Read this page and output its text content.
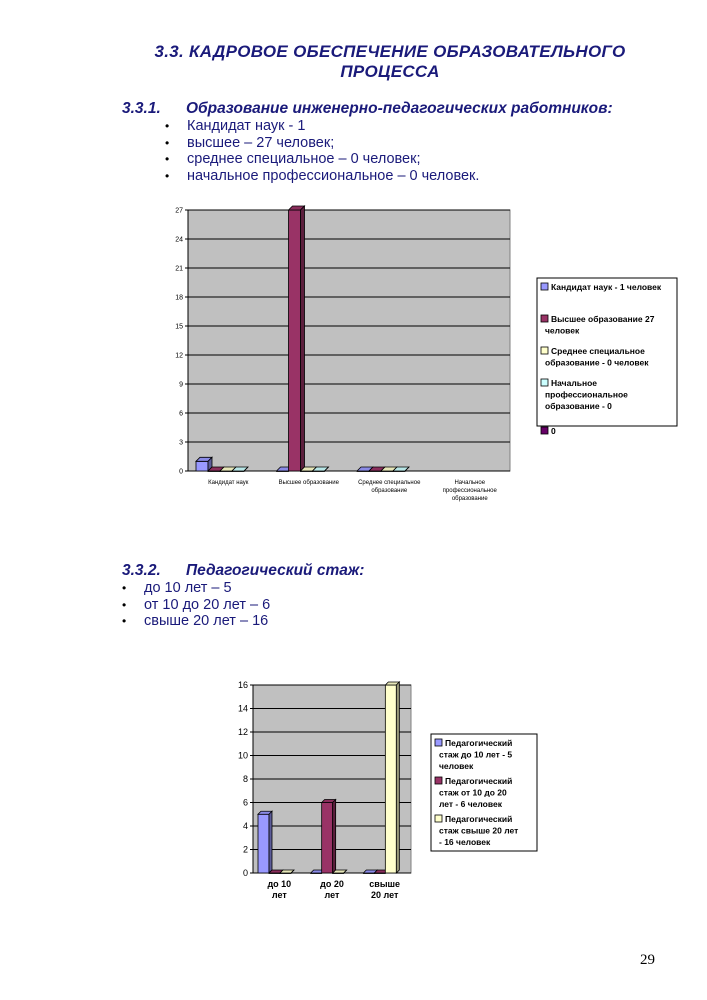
3.3. КАДРОВОЕ ОБЕСПЕЧЕНИЕ ОБРАЗОВАТЕЛЬНОГО
ПРОЦЕССА
3.3.1. Образование инженерно-педагогических работников:
• Кандидат наук - 1
• высшее – 27 человек;
• среднее специальное – 0 человек;
• начальное профессиональное – 0 человек.
0
3
6
9
12
15
18
21
24
27
Кандидат наук	Высшее образование	Среднее специальное образование
Начальное профессиональное образование
Кандидат наук - 1 человек
Высшее образование 27 человек
Среднее специальное образование - 0 человек
Начальное профессиональное образование - 0
0
3.3.2. Педагогический стаж:
• до 10 лет – 5
• от 10 до 20 лет – 6
• свыше 20 лет – 16
0
2
4
6
8
10
12
14
16
до 10 лет
до 20 лет
свыше 20 лет
Педагогический стаж до 10 лет - 5 человек
Педагогический стаж от 10 до 20 лет - 6 человек
Педагогический стаж свыше 20 лет - 16 человек
29
